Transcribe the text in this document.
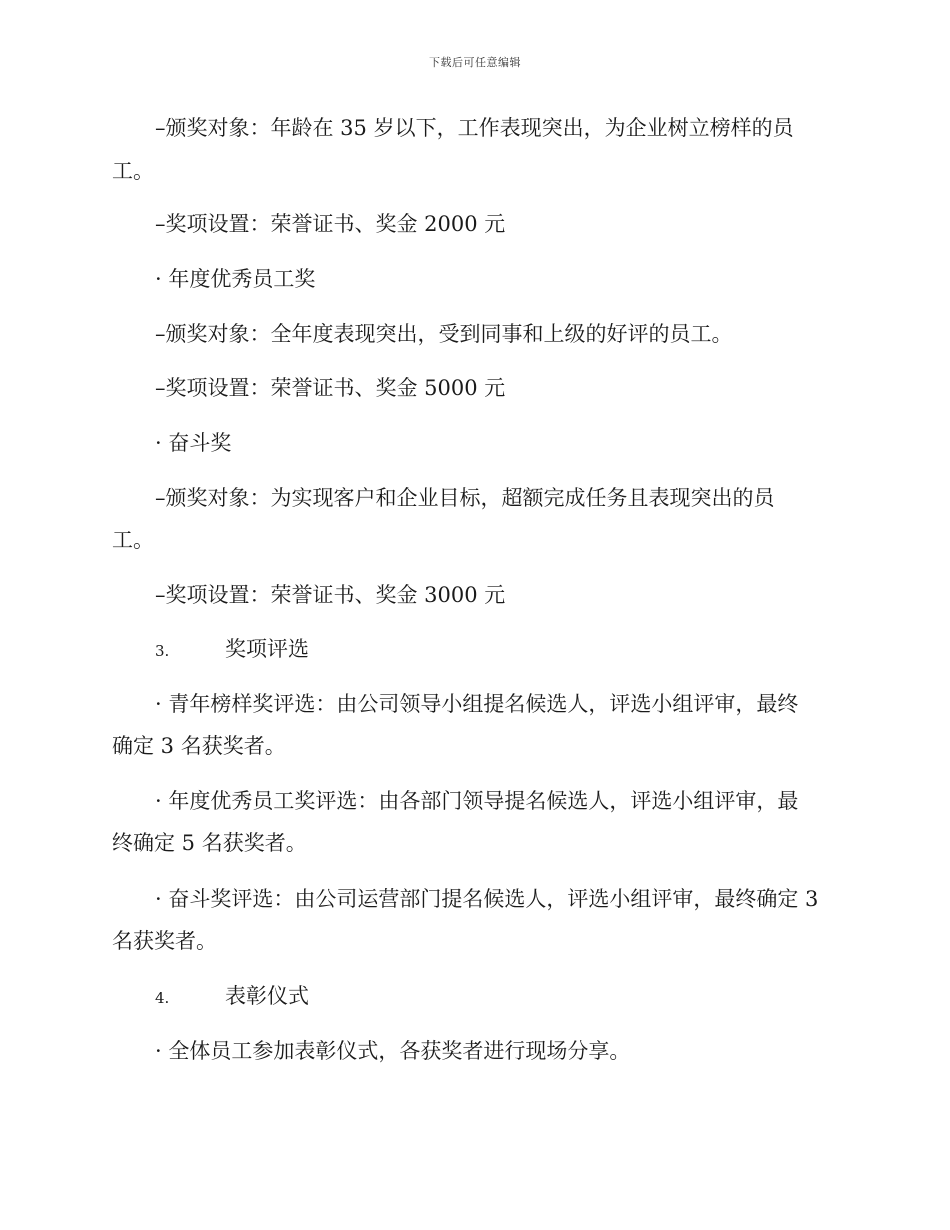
下载后可任意编辑
–颁奖对象：年龄在 35 岁以下，工作表现突出，为企业树立榜样的员
工。
–奖项设置：荣誉证书、奖金 2000 元
· 年度优秀员工奖
–颁奖对象：全年度表现突出，受到同事和上级的好评的员工。
–奖项设置：荣誉证书、奖金 5000 元
· 奋斗奖
–颁奖对象：为实现客户和企业目标，超额完成任务且表现突出的员
工。
–奖项设置：荣誉证书、奖金 3000 元
3.	奖项评选
· 青年榜样奖评选：由公司领导小组提名候选人，评选小组评审，最终
确定 3 名获奖者。
· 年度优秀员工奖评选：由各部门领导提名候选人，评选小组评审，最
终确定 5 名获奖者。
· 奋斗奖评选：由公司运营部门提名候选人，评选小组评审，最终确定 3
名获奖者。
4.	表彰仪式
· 全体员工参加表彰仪式，各获奖者进行现场分享。
